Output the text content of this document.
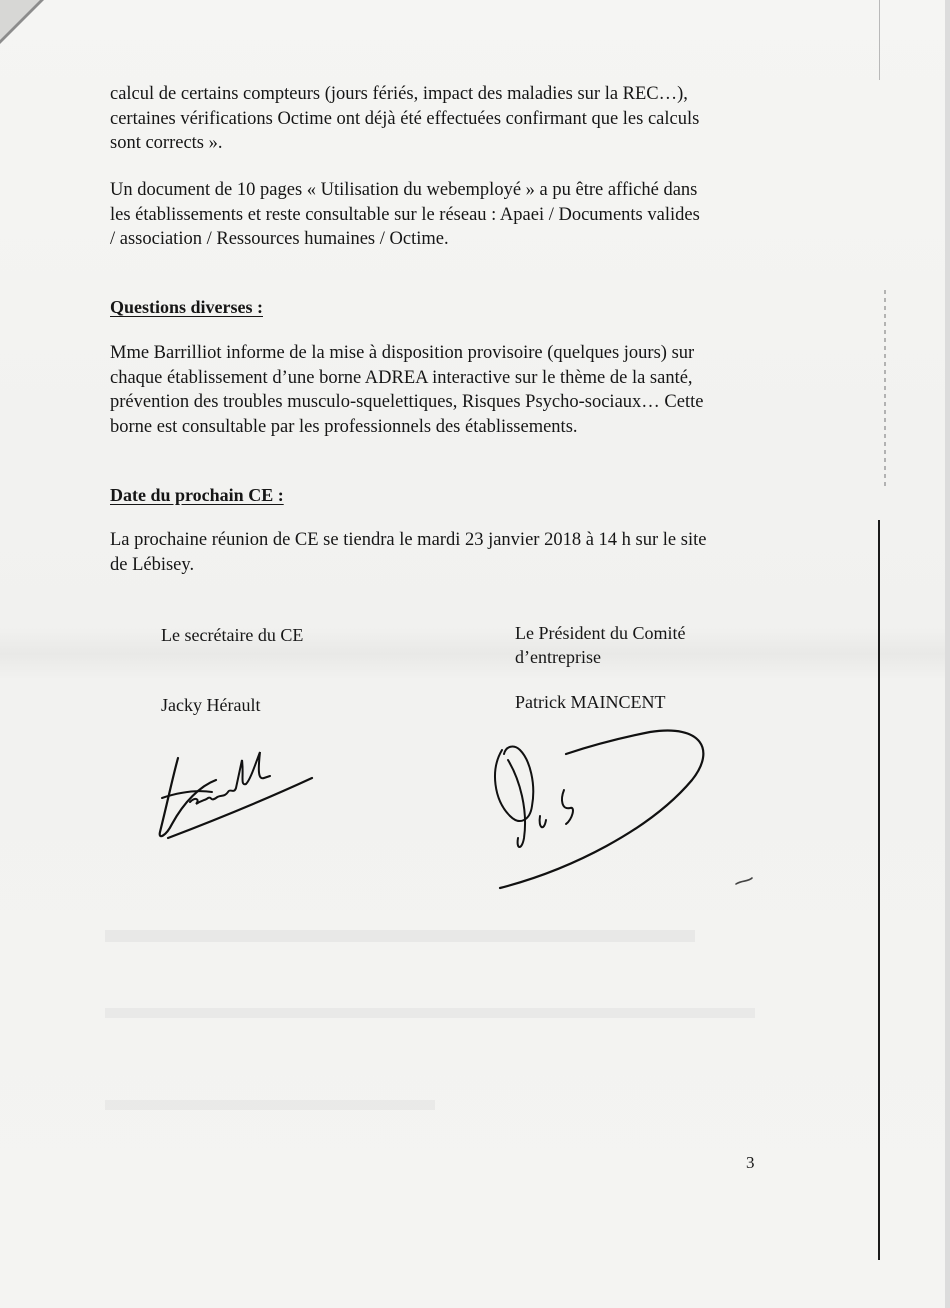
calcul de certains compteurs (jours fériés, impact des maladies sur la REC…),
certaines vérifications Octime ont déjà été effectuées confirmant que les calculs
sont corrects ».

Un document de 10 pages « Utilisation du webemployé » a pu être affiché dans
les établissements et reste consultable sur le réseau : Apaei / Documents valides
/ association / Ressources humaines / Octime.

Questions diverses :

Mme Barrilliot informe de la mise à disposition provisoire (quelques jours) sur
chaque établissement d’une borne ADREA interactive sur le thème de la santé,
prévention des troubles musculo-squelettiques, Risques Psycho-sociaux… Cette
borne est consultable par les professionnels des établissements.

Date du prochain CE :

La prochaine réunion de CE se tiendra le mardi 23 janvier 2018 à 14 h sur le site
de Lébisey.

Le secrétaire du CE

Jacky Hérault

Le Président du Comité
d’entreprise

Patrick MAINCENT

3
